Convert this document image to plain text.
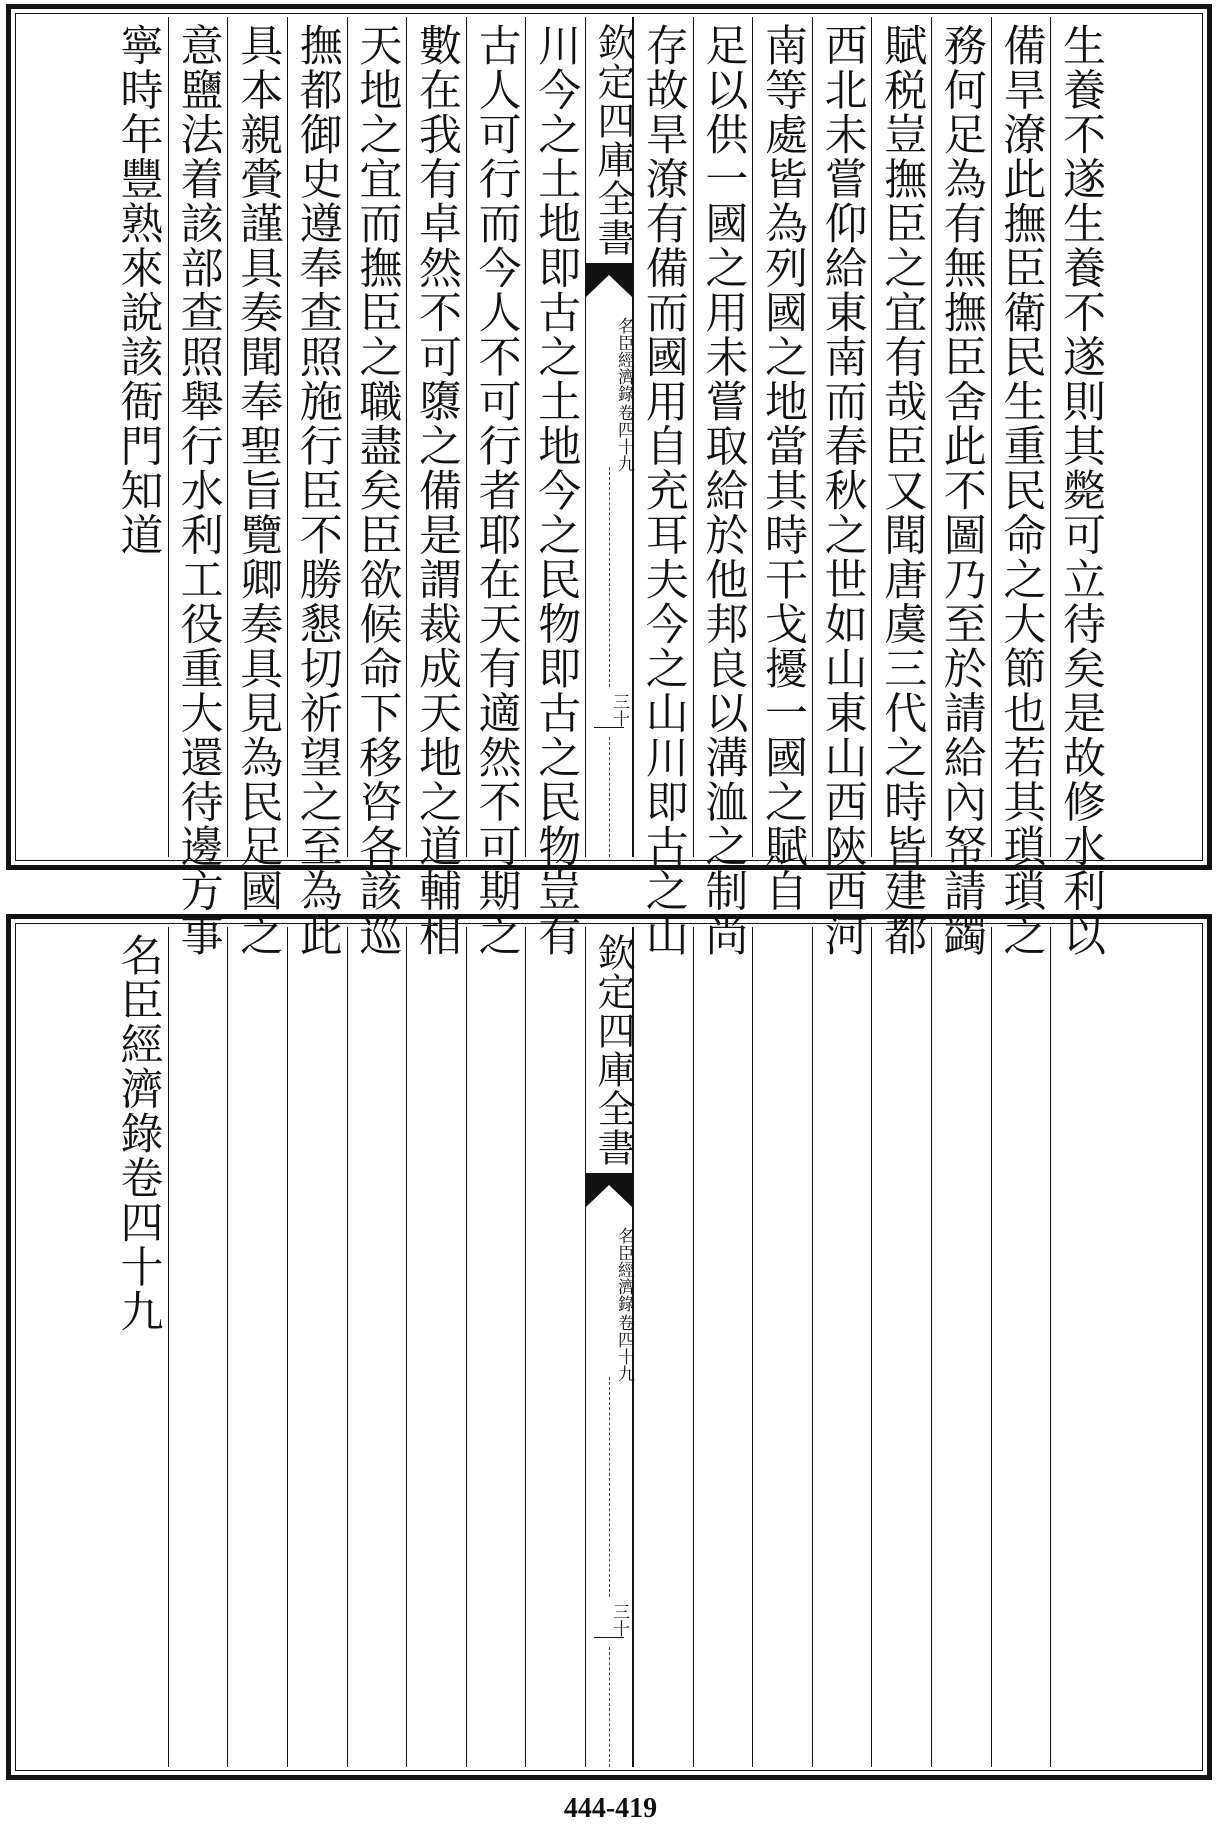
寧時年豐熟來說該衙門知道 意鹽法着該部查照舉行水利工役重大還待邊方事 具本親賫謹具奏聞奉聖旨覽卿奏具見為民足國之 撫都御史遵奉查照施行臣不勝懇切祈望之至為此 天地之宜而撫臣之職盡矣臣欲候命下移咨各該巡 數在我有卓然不可隳之備是謂裁成天地之道輔相 古人可行而今人不可行者耶在天有適然不可期之 川今之土地即古之土地今之民物即古之民物豈有 存故旱潦有備而國用自充耳夫今之山川即古之山 足以供一國之用未嘗取給於他邦良以溝洫之制尚 南等處皆為列國之地當其時干戈擾一國之賦自 西北未嘗仰給東南而春秋之世如山東山西陝西河 賦税豈撫臣之宜有哉臣又聞唐虞三代之時皆建都 務何足為有無撫臣舍此不圖乃至於請給內帑請蠲 備旱潦此撫臣衛民生重民命之大節也若其瑣瑣之 生養不遂生養不遂則其斃可立待矣是故修水利以
欽定四庫全書
名臣經濟錄
卷四十九
三十
名臣經濟錄卷四十九	欽定四庫全書
名臣經濟錄
卷四十九
三十
444-419
